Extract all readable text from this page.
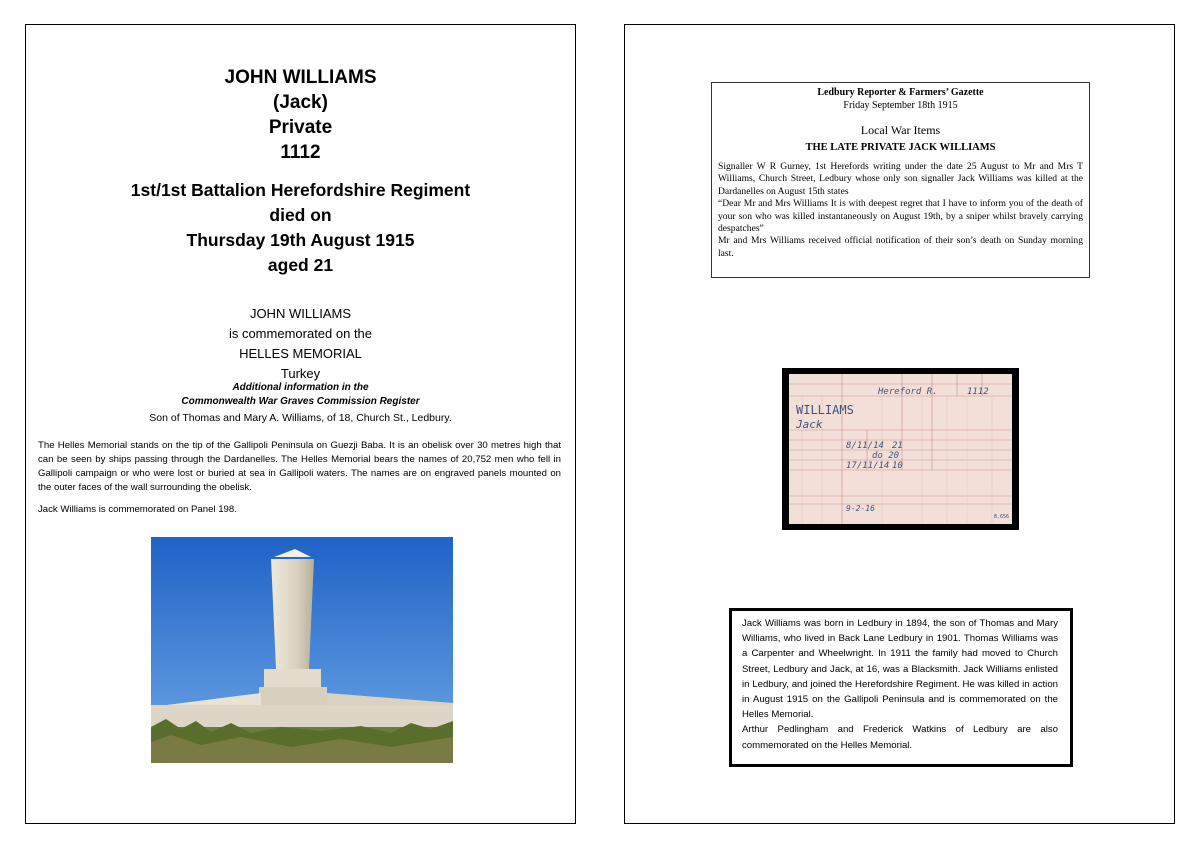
JOHN WILLIAMS
(Jack)
Private
1112
1st/1st Battalion Herefordshire Regiment
died on
Thursday 19th August 1915
aged 21
JOHN WILLIAMS
is commemorated on the
HELLES MEMORIAL
Turkey
Additional information in the
Commonwealth War Graves Commission Register
Son of Thomas and Mary A. Williams, of 18, Church St., Ledbury.
The Helles Memorial stands on the tip of the Gallipoli Peninsula on Guezji Baba. It is an obelisk over 30 metres high that can be seen by ships passing through the Dardanelles. The Helles Memorial bears the names of 20,752 men who fell in Gallipoli campaign or who were lost or buried at sea in Gallipoli waters. The names are on engraved panels mounted on the outer faces of the wall surrounding the obelisk.
Jack Williams is commemorated on Panel 198.
Ledbury Reporter & Farmers’ Gazette
Friday September 18th 1915
Local War Items
THE LATE PRIVATE JACK WILLIAMS

Signaller W R Gurney, 1st Herefords writing under the date 25 August to Mr and Mrs T Williams, Church Street, Ledbury whose only son signaller Jack Williams was killed at the Dardanelles on August 15th states

“Dear Mr and Mrs Williams It is with deepest regret that I have to inform you of the death of your son who was killed instantaneously on August 19th, by a sniper whilst bravely carrying despatches”

Mr and Mrs Williams received official notification of their son’s death on Sunday morning last.

Hereford R.	1112
WILLIAMS
Jack
8/11/14 21
do 20
17/11/14 10
9-2-16
B.656

Jack Williams was born in Ledbury in 1894, the son of Thomas and Mary Williams, who lived in Back Lane Ledbury in 1901. Thomas Williams was a Carpenter and Wheelwright. In 1911 the family had moved to Church Street, Ledbury and Jack, at 16, was a Blacksmith. Jack Williams enlisted in Ledbury, and joined the Herefordshire Regiment. He was killed in action in August 1915 on the Gallipoli Peninsula and is commemorated on the Helles Memorial.

Arthur Pedlingham and Frederick Watkins of Ledbury are also commemorated on the Helles Memorial.
